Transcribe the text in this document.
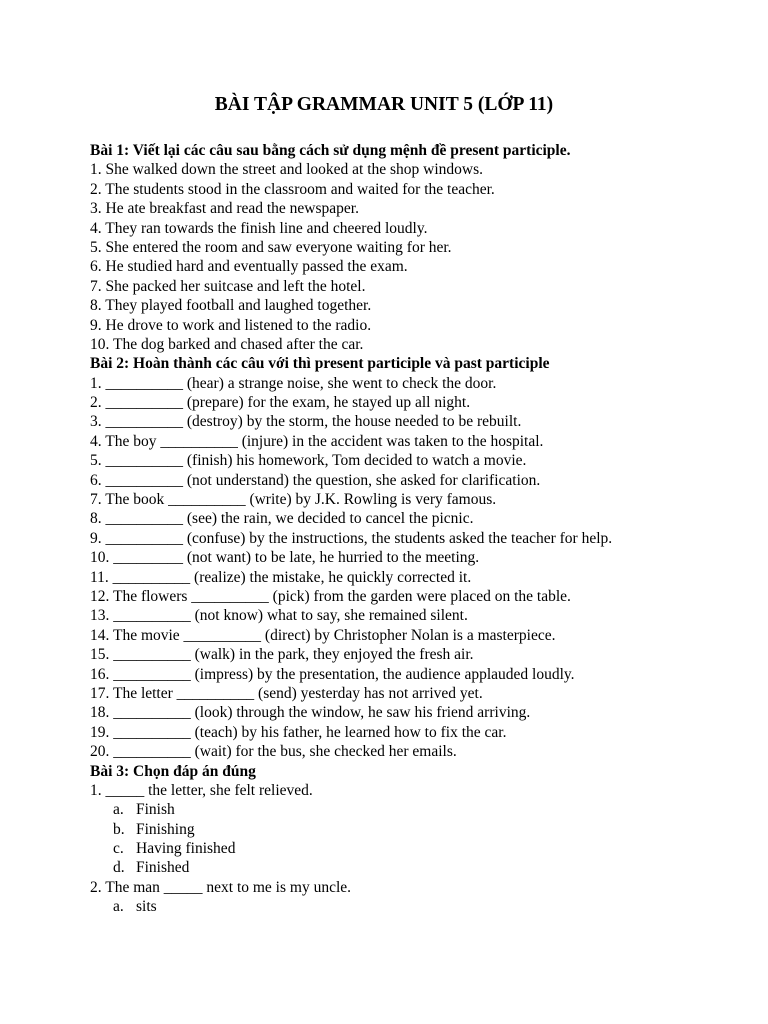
BÀI TẬP GRAMMAR UNIT 5 (LỚP 11)
Bài 1: Viết lại các câu sau bằng cách sử dụng mệnh đề present participle.
1. She walked down the street and looked at the shop windows.
2. The students stood in the classroom and waited for the teacher.
3. He ate breakfast and read the newspaper.
4. They ran towards the finish line and cheered loudly.
5. She entered the room and saw everyone waiting for her.
6. He studied hard and eventually passed the exam.
7. She packed her suitcase and left the hotel.
8. They played football and laughed together.
9. He drove to work and listened to the radio.
10. The dog barked and chased after the car.
Bài 2: Hoàn thành các câu với thì present participle và past participle
1. __________ (hear) a strange noise, she went to check the door.
2. __________ (prepare) for the exam, he stayed up all night.
3. __________ (destroy) by the storm, the house needed to be rebuilt.
4. The boy __________ (injure) in the accident was taken to the hospital.
5. __________ (finish) his homework, Tom decided to watch a movie.
6. __________ (not understand) the question, she asked for clarification.
7. The book __________ (write) by J.K. Rowling is very famous.
8. __________ (see) the rain, we decided to cancel the picnic.
9. __________ (confuse) by the instructions, the students asked the teacher for help.
10. _________ (not want) to be late, he hurried to the meeting.
11. __________ (realize) the mistake, he quickly corrected it.
12. The flowers __________ (pick) from the garden were placed on the table.
13. __________ (not know) what to say, she remained silent.
14. The movie __________ (direct) by Christopher Nolan is a masterpiece.
15. __________ (walk) in the park, they enjoyed the fresh air.
16. __________ (impress) by the presentation, the audience applauded loudly.
17. The letter __________ (send) yesterday has not arrived yet.
18. __________ (look) through the window, he saw his friend arriving.
19. __________ (teach) by his father, he learned how to fix the car.
20. __________ (wait) for the bus, she checked her emails.
Bài 3: Chọn đáp án đúng
1. _____ the letter, she felt relieved.
a. Finish
b. Finishing
c. Having finished
d. Finished
2. The man _____ next to me is my uncle.
a. sits
